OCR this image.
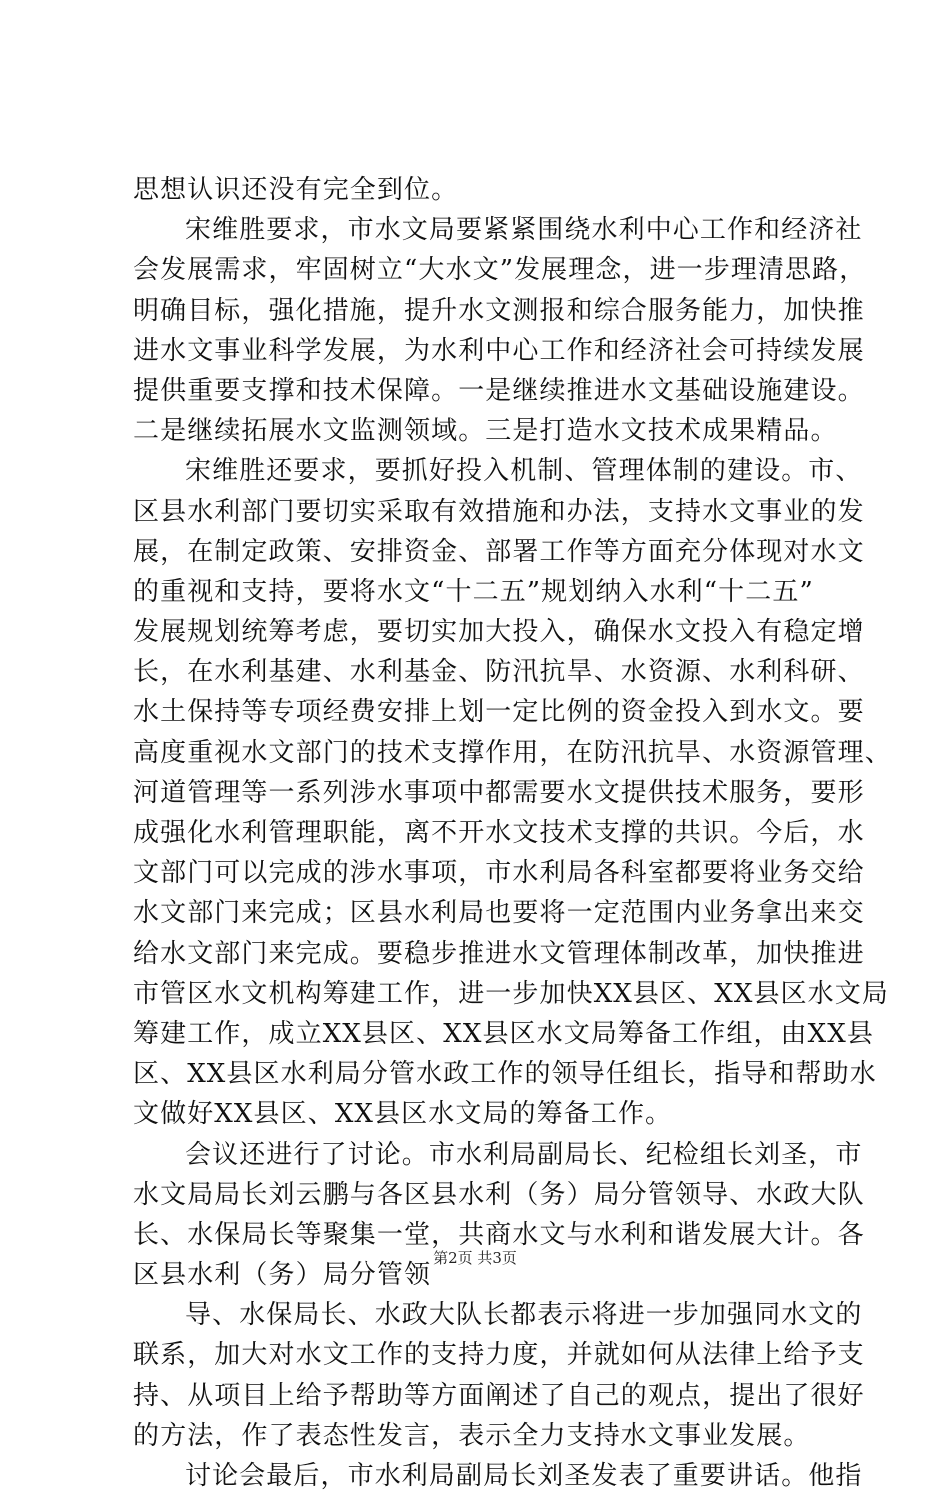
思想认识还没有完全到位。
宋维胜要求，市水文局要紧紧围绕水利中心工作和经济社
会发展需求，牢固树立“大水文”发展理念，进一步理清思路，
明确目标，强化措施，提升水文测报和综合服务能力，加快推
进水文事业科学发展，为水利中心工作和经济社会可持续发展
提供重要支撑和技术保障。一是继续推进水文基础设施建设。
二是继续拓展水文监测领域。三是打造水文技术成果精品。
宋维胜还要求，要抓好投入机制、管理体制的建设。市、
区县水利部门要切实采取有效措施和办法，支持水文事业的发
展，在制定政策、安排资金、部署工作等方面充分体现对水文
的重视和支持，要将水文“十二五”规划纳入水利“十二五”
发展规划统筹考虑，要切实加大投入，确保水文投入有稳定增
长，在水利基建、水利基金、防汛抗旱、水资源、水利科研、
水土保持等专项经费安排上划一定比例的资金投入到水文。要
高度重视水文部门的技术支撑作用，在防汛抗旱、水资源管理、
河道管理等一系列涉水事项中都需要水文提供技术服务，要形
成强化水利管理职能，离不开水文技术支撑的共识。今后，水
文部门可以完成的涉水事项，市水利局各科室都要将业务交给
水文部门来完成；区县水利局也要将一定范围内业务拿出来交
给水文部门来完成。要稳步推进水文管理体制改革，加快推进
市管区水文机构筹建工作，进一步加快XX县区、XX县区水文局
筹建工作，成立XX县区、XX县区水文局筹备工作组，由XX县
区、XX县区水利局分管水政工作的领导任组长，指导和帮助水
文做好XX县区、XX县区水文局的筹备工作。
会议还进行了讨论。市水利局副局长、纪检组长刘圣，市
水文局局长刘云鹏与各区县水利（务）局分管领导、水政大队
长、水保局长等聚集一堂，共商水文与水利和谐发展大计。各
区县水利（务）局分管领
导、水保局长、水政大队长都表示将进一步加强同水文的
联系，加大对水文工作的支持力度，并就如何从法律上给予支
持、从项目上给予帮助等方面阐述了自己的观点，提出了很好
的方法，作了表态性发言，表示全力支持水文事业发展。
讨论会最后，市水利局副局长刘圣发表了重要讲话。他指
第2页 共3页
